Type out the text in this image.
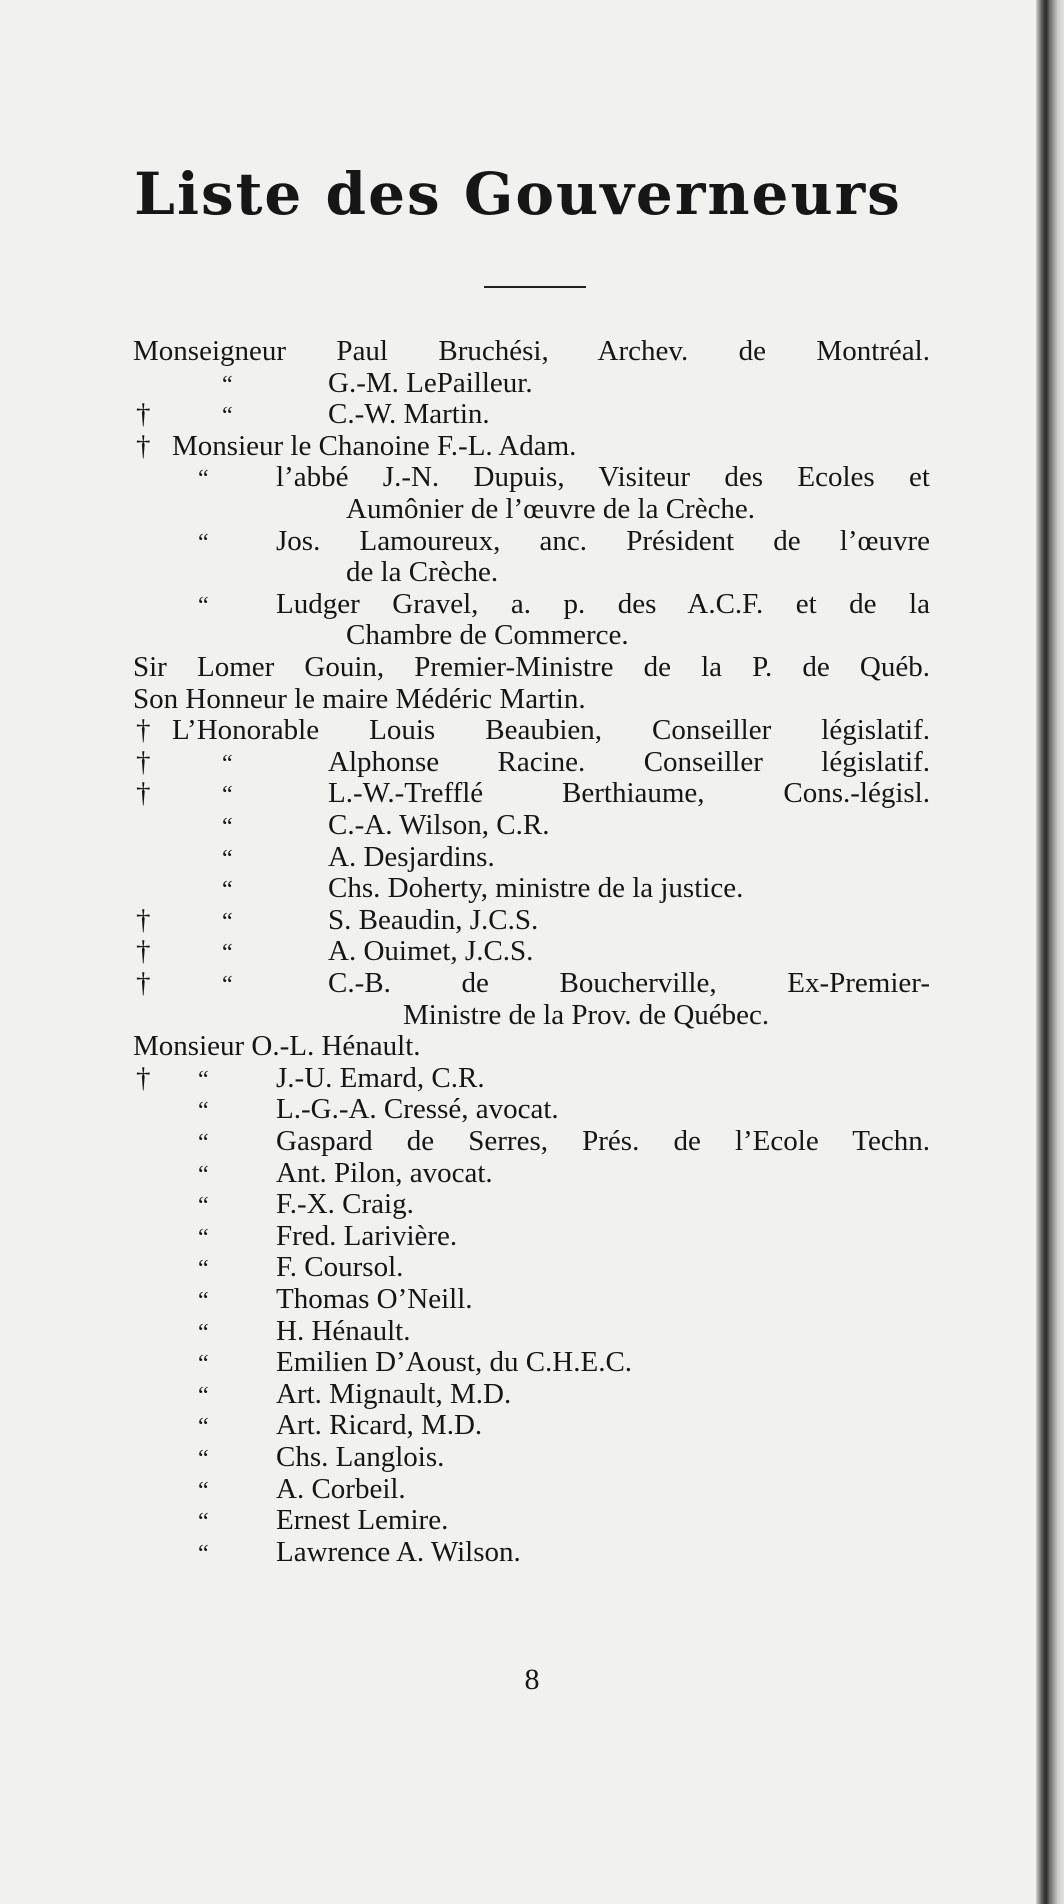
Liste des Gouverneurs
Monseigneur Paul Bruchési, Archev. de Montréal.
“	G.-M. LePailleur.
†	“	C.-W. Martin.
† Monsieur le Chanoine F.-L. Adam.
“ l’abbé J.-N. Dupuis, Visiteur des Ecoles et
Aumônier de l’œuvre de la Crèche.
“ Jos. Lamoureux, anc. Président de l’œuvre
de la Crèche.
“ Ludger Gravel, a. p. des A.C.F. et de la
Chambre de Commerce.
Sir Lomer Gouin, Premier-Ministre de la P. de Québ.
Son Honneur le maire Médéric Martin.
† L’Honorable Louis Beaubien, Conseiller législatif.
†	“	Alphonse Racine. Conseiller législatif.
†	“	L.-W.-Trefflé Berthiaume, Cons.-législ.
“	C.-A. Wilson, C.R.
“	A. Desjardins.
“	Chs. Doherty, ministre de la justice.
†	“	S. Beaudin, J.C.S.
†	“	A. Ouimet, J.C.S.
†	“	C.-B. de Boucherville, Ex-Premier-
Ministre de la Prov. de Québec.
Monsieur O.-L. Hénault.
† “ J.-U. Emard, C.R.
“ L.-G.-A. Cressé, avocat.
“ Gaspard de Serres, Prés. de l’Ecole Techn.
“ Ant. Pilon, avocat.
“ F.-X. Craig.
“ Fred. Larivière.
“ F. Coursol.
“ Thomas O’Neill.
“ H. Hénault.
“ Emilien D’Aoust, du C.H.E.C.
“ Art. Mignault, M.D.
“ Art. Ricard, M.D.
“ Chs. Langlois.
“ A. Corbeil.
“ Ernest Lemire.
“ Lawrence A. Wilson.
8
